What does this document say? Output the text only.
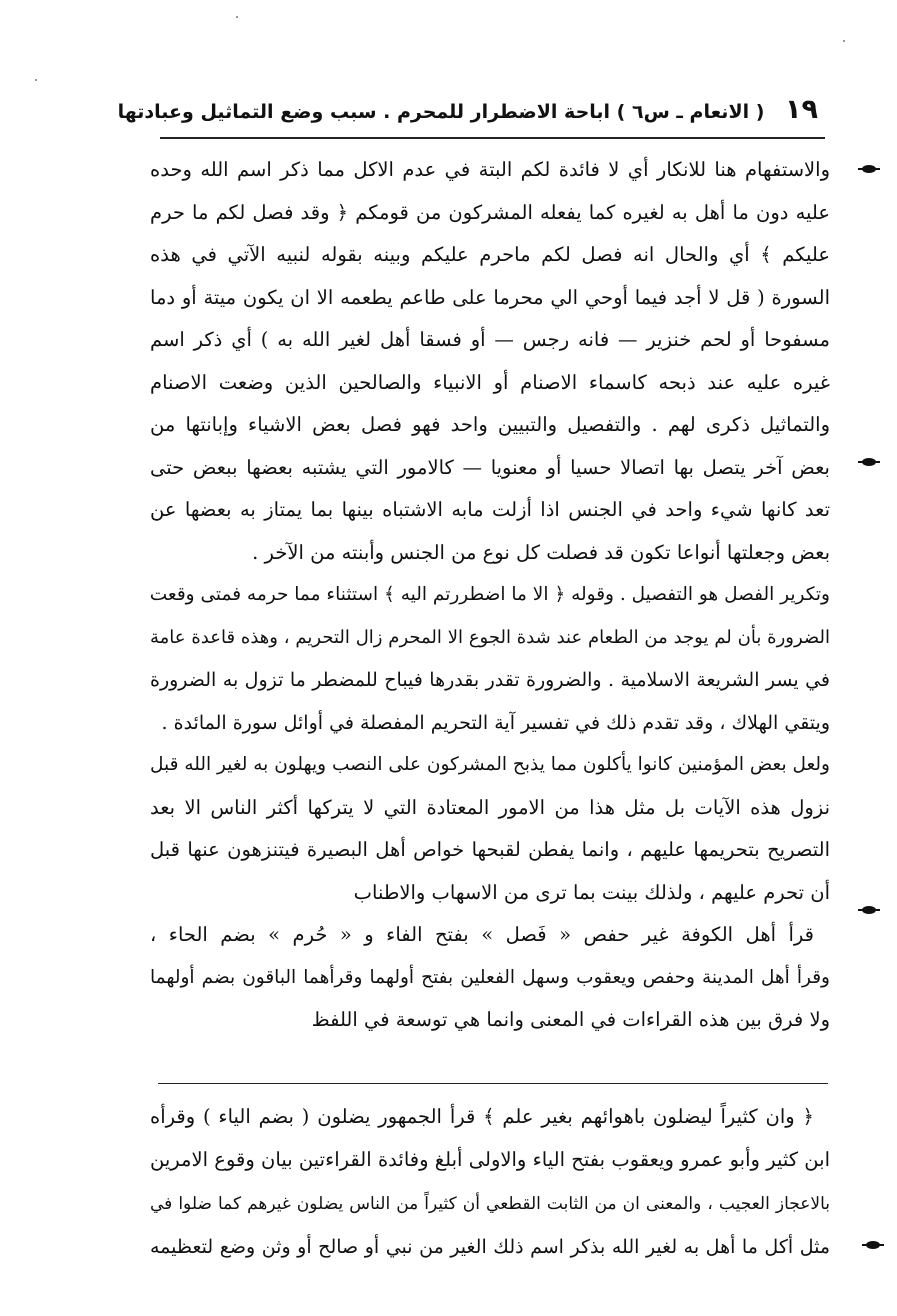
١٩ ( الانعام ـ س٦ ) اباحة الاضطرار للمحرم . سبب وضع التماثيل وعبادتها
والاستفهام هنا للانكار أي لا فائدة لكم البتة في عدم الاكل مما ذكر اسم الله وحده
عليه دون ما أهل به لغيره كما يفعله المشركون من قومكم ﴿ وقد فصل لكم ما حرم
عليكم ﴾ أي والحال انه فصل لكم ماحرم عليكم وبينه بقوله لنبيه الآتي في هذه
السورة ( قل لا أجد فيما أوحي الي محرما على طاعم يطعمه الا ان يكون ميتة أو دما
مسفوحا أو لحم خنزير — فانه رجس — أو فسقا أهل لغير الله به ) أي ذكر اسم
غيره عليه عند ذبحه كاسماء الاصنام أو الانبياء والصالحين الذين وضعت الاصنام
والتماثيل ذكرى لهم . والتفصيل والتبيين واحد فهو فصل بعض الاشياء وإبانتها من
بعض آخر يتصل بها اتصالا حسيا أو معنويا — كالامور التي يشتبه بعضها ببعض حتى
تعد كانها شيء واحد في الجنس اذا أزلت مابه الاشتباه بينها بما يمتاز به بعضها عن
بعض وجعلتها أنواعا تكون قد فصلت كل نوع من الجنس وأبنته من الآخر .
وتكرير الفصل هو التفصيل . وقوله ﴿ الا ما اضطررتم اليه ﴾ استثناء مما حرمه فمتى وقعت
الضرورة بأن لم يوجد من الطعام عند شدة الجوع الا المحرم زال التحريم ، وهذه قاعدة عامة
في يسر الشريعة الاسلامية . والضرورة تقدر بقدرها فيباح للمضطر ما تزول به الضرورة
ويتقي الهلاك ، وقد تقدم ذلك في تفسير آية التحريم المفصلة في أوائل سورة المائدة .
ولعل بعض المؤمنين كانوا يأكلون مما يذبح المشركون على النصب ويهلون به لغير الله قبل
نزول هذه الآيات بل مثل هذا من الامور المعتادة التي لا يتركها أكثر الناس الا بعد
التصريح بتحريمها عليهم ، وانما يفطن لقبحها خواص أهل البصيرة فيتنزهون عنها قبل
أن تحرم عليهم ، ولذلك بينت بما ترى من الاسهاب والاطناب
قرأ أهل الكوفة غير حفص « فَصل » بفتح الفاء و « حُرم » بضم الحاء ،
وقرأ أهل المدينة وحفص ويعقوب وسهل الفعلين بفتح أولهما وقرأهما الباقون بضم أولهما
ولا فرق بين هذه القراءات في المعنى وانما هي توسعة في اللفظ
﴿ وان كثيراً ليضلون باهوائهم بغير علم ﴾ قرأ الجمهور يضلون ( بضم الياء ) وقرأه
ابن كثير وأبو عمرو ويعقوب بفتح الياء والاولى أبلغ وفائدة القراءتين بيان وقوع الامرين
بالاعجاز العجيب ، والمعنى ان من الثابت القطعي أن كثيراً من الناس يضلون غيرهم كما ضلوا في
مثل أكل ما أهل به لغير الله بذكر اسم ذلك الغير من نبي أو صالح أو وثن وضع لتعظيمه
